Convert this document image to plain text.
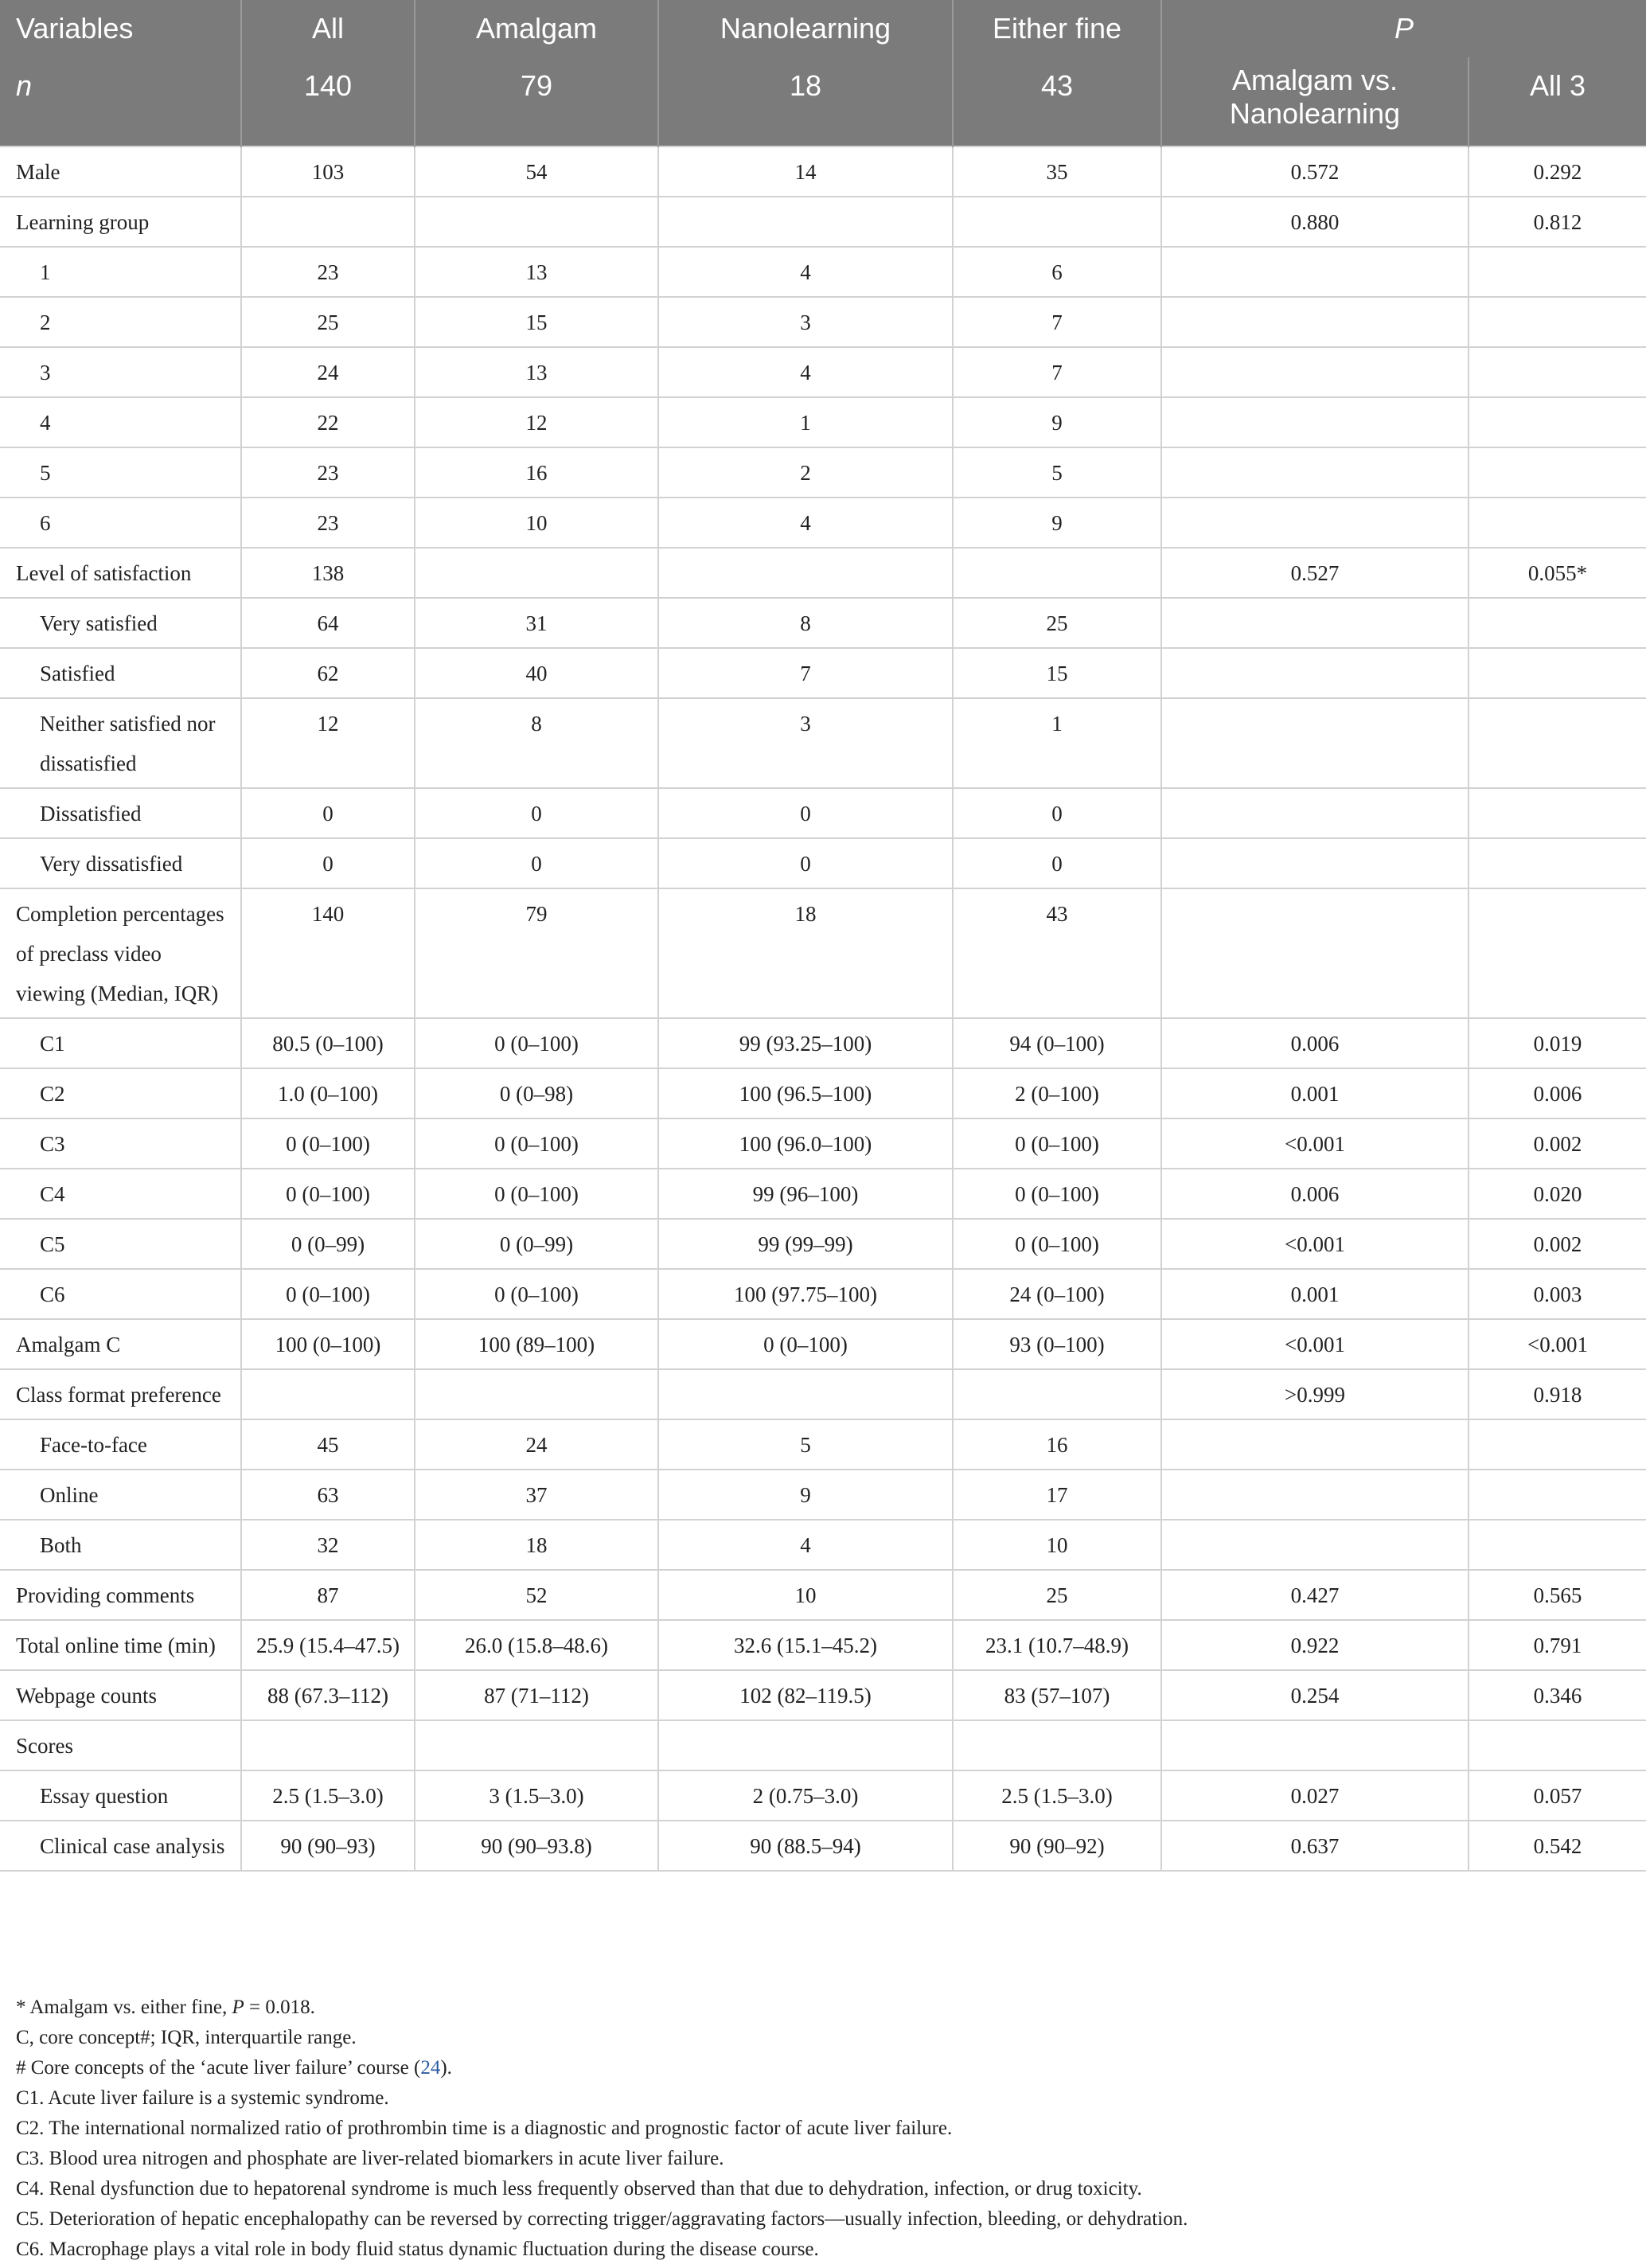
Variables	All	Amalgam	Nanolearning	Either fine	P	
n	140	79	18	43	Amalgam vs. Nanolearning	All 3
Male	103	54	14	35	0.572	0.292
Learning group					0.880	0.812
1	23	13	4	6		
2	25	15	3	7		
3	24	13	4	7		
4	22	12	1	9		
5	23	16	2	5		
6	23	10	4	9		
Level of satisfaction	138				0.527	0.055*
Very satisfied	64	31	8	25		
Satisfied	62	40	7	15		
Neither satisfied nor dissatisfied	12	8	3	1		
Dissatisfied	0	0	0	0		
Very dissatisfied	0	0	0	0		
Completion percentages of preclass video viewing (Median, IQR)	140	79	18	43		
C1	80.5 (0–100)	0 (0–100)	99 (93.25–100)	94 (0–100)	0.006	0.019
C2	1.0 (0–100)	0 (0–98)	100 (96.5–100)	2 (0–100)	0.001	0.006
C3	0 (0–100)	0 (0–100)	100 (96.0–100)	0 (0–100)	<0.001	0.002
C4	0 (0–100)	0 (0–100)	99 (96–100)	0 (0–100)	0.006	0.020
C5	0 (0–99)	0 (0–99)	99 (99–99)	0 (0–100)	<0.001	0.002
C6	0 (0–100)	0 (0–100)	100 (97.75–100)	24 (0–100)	0.001	0.003
Amalgam C	100 (0–100)	100 (89–100)	0 (0–100)	93 (0–100)	<0.001	<0.001
Class format preference					>0.999	0.918
Face-to-face	45	24	5	16		
Online	63	37	9	17		
Both	32	18	4	10		
Providing comments	87	52	10	25	0.427	0.565
Total online time (min)	25.9 (15.4–47.5)	26.0 (15.8–48.6)	32.6 (15.1–45.2)	23.1 (10.7–48.9)	0.922	0.791
Webpage counts	88 (67.3–112)	87 (71–112)	102 (82–119.5)	83 (57–107)	0.254	0.346
Scores						
Essay question	2.5 (1.5–3.0)	3 (1.5–3.0)	2 (0.75–3.0)	2.5 (1.5–3.0)	0.027	0.057
Clinical case analysis	90 (90–93)	90 (90–93.8)	90 (88.5–94)	90 (90–92)	0.637	0.542
* Amalgam vs. either fine, P = 0.018.
C, core concept#; IQR, interquartile range.
# Core concepts of the ‘acute liver failure’ course (24).
C1. Acute liver failure is a systemic syndrome.
C2. The international normalized ratio of prothrombin time is a diagnostic and prognostic factor of acute liver failure.
C3. Blood urea nitrogen and phosphate are liver-related biomarkers in acute liver failure.
C4. Renal dysfunction due to hepatorenal syndrome is much less frequently observed than that due to dehydration, infection, or drug toxicity.
C5. Deterioration of hepatic encephalopathy can be reversed by correcting trigger/aggravating factors—usually infection, bleeding, or dehydration.
C6. Macrophage plays a vital role in body fluid status dynamic fluctuation during the disease course.
